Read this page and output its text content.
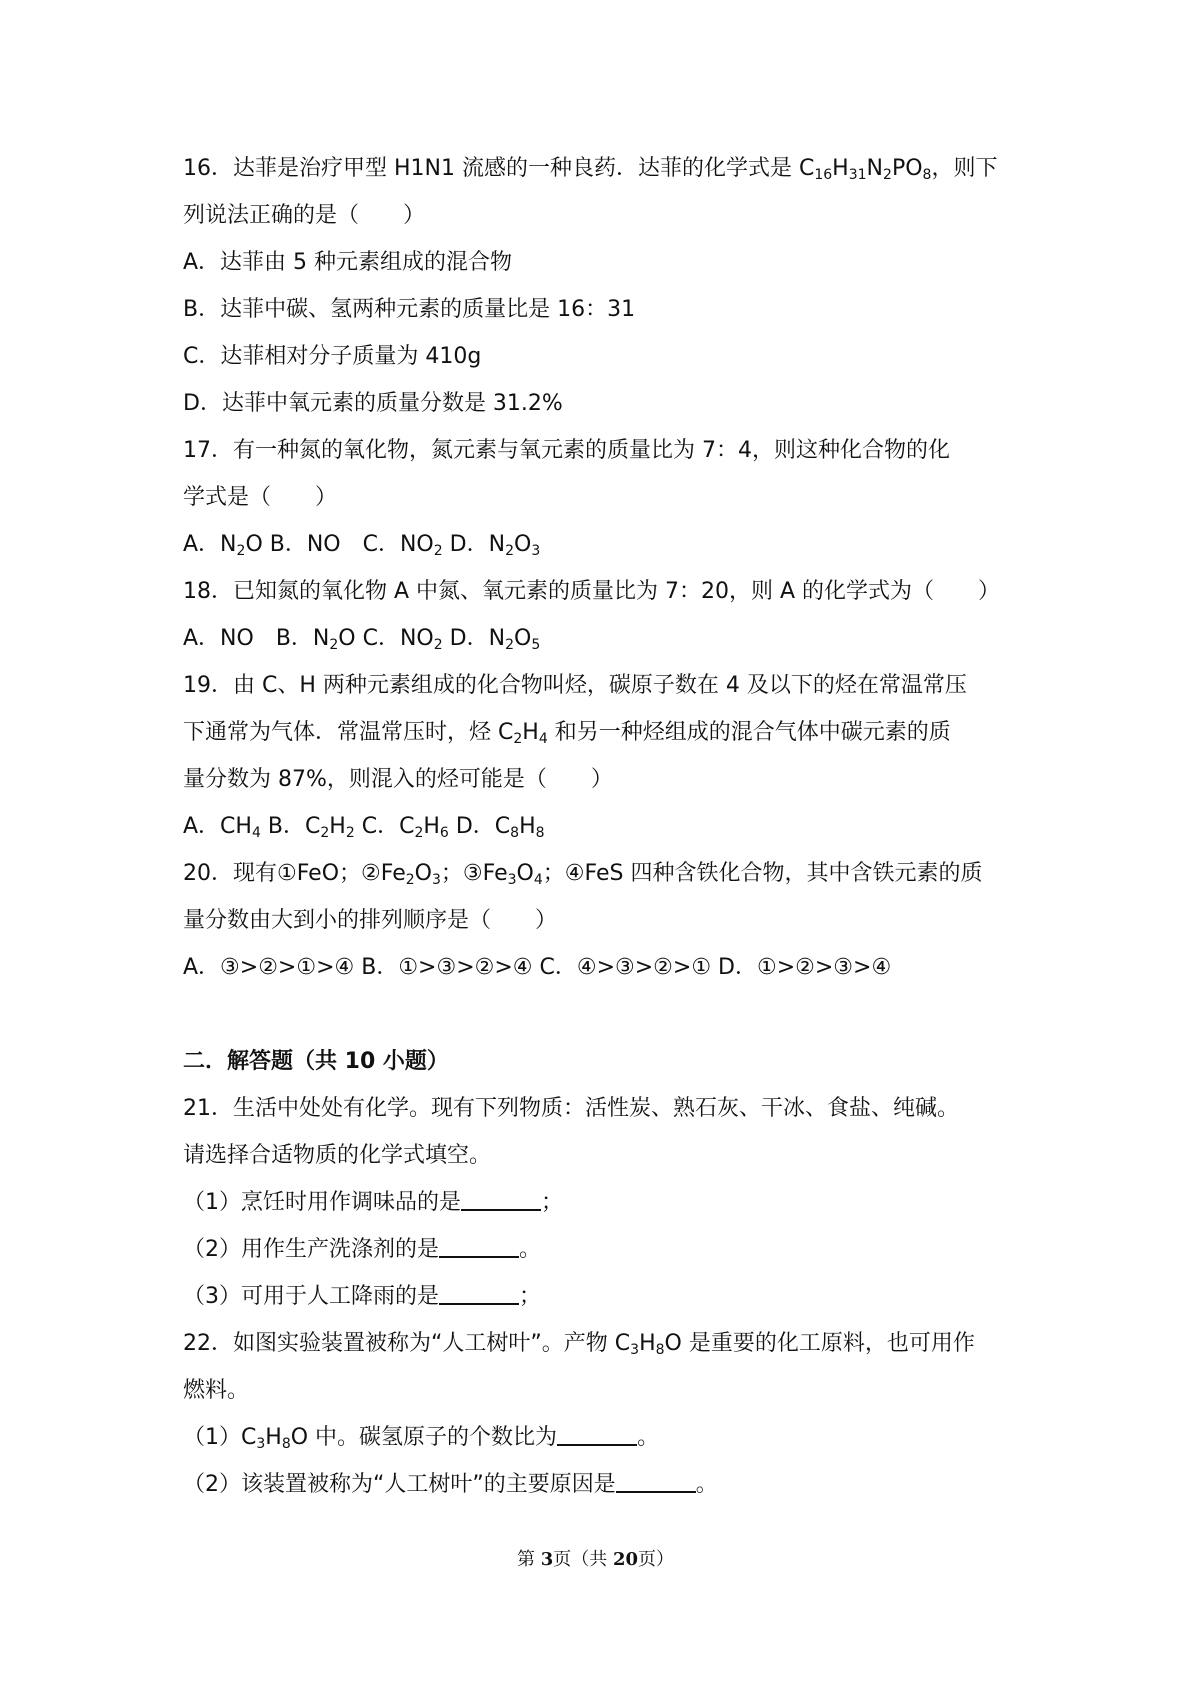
16．达菲是治疗甲型 H1N1 流感的一种良药．达菲的化学式是 $C_{16}H_{31}N_2PO_8$，则下
列说法正确的是（　　）
A．达菲由 5 种元素组成的混合物
B．达菲中碳、氢两种元素的质量比是 16：31
C．达菲相对分子质量为 410g
D．达菲中氧元素的质量分数是 31.2%
17．有一种氮的氧化物，氮元素与氧元素的质量比为 7：4，则这种化合物的化
学式是（　　）
A．$N_2O$ B．NO　C．$NO_2$ D．$N_2O_3$
18．已知氮的氧化物 A 中氮、氧元素的质量比为 7：20，则 A 的化学式为（　　）
A．NO　B．$N_2O$ C．$NO_2$ D．$N_2O_5$
19．由 C、H 两种元素组成的化合物叫烃，碳原子数在 4 及以下的烃在常温常压
下通常为气体．常温常压时，烃 $C_2H_4$ 和另一种烃组成的混合气体中碳元素的质
量分数为 87%，则混入的烃可能是（　　）
A．$CH_4$ B．$C_2H_2$ C．$C_2H_6$ D．$C_8H_8$
20．现有①FeO；$②Fe_2O_3$；$③Fe_3O_4$；④FeS 四种含铁化合物，其中含铁元素的质
量分数由大到小的排列顺序是（　　）
A．③>②>①>④ B．①>③>②>④ C．④>③>②>① D．①>②>③>④
二．解答题（共 10 小题）
21．生活中处处有化学。现有下列物质：活性炭、熟石灰、干冰、食盐、纯碱。
请选择合适物质的化学式填空。
（1）烹饪时用作调味品的是	；
（2）用作生产洗涤剂的是	。
（3）可用于人工降雨的是	；
22．如图实验装置被称为“人工树叶”。产物 $C_3H_8O$ 是重要的化工原料，也可用作
燃料。
$(1)C_3H_8O$ 中。碳氢原子的个数比为	。
（2）该装置被称为“人工树叶”的主要原因是	。
第 3页（共 20页）
